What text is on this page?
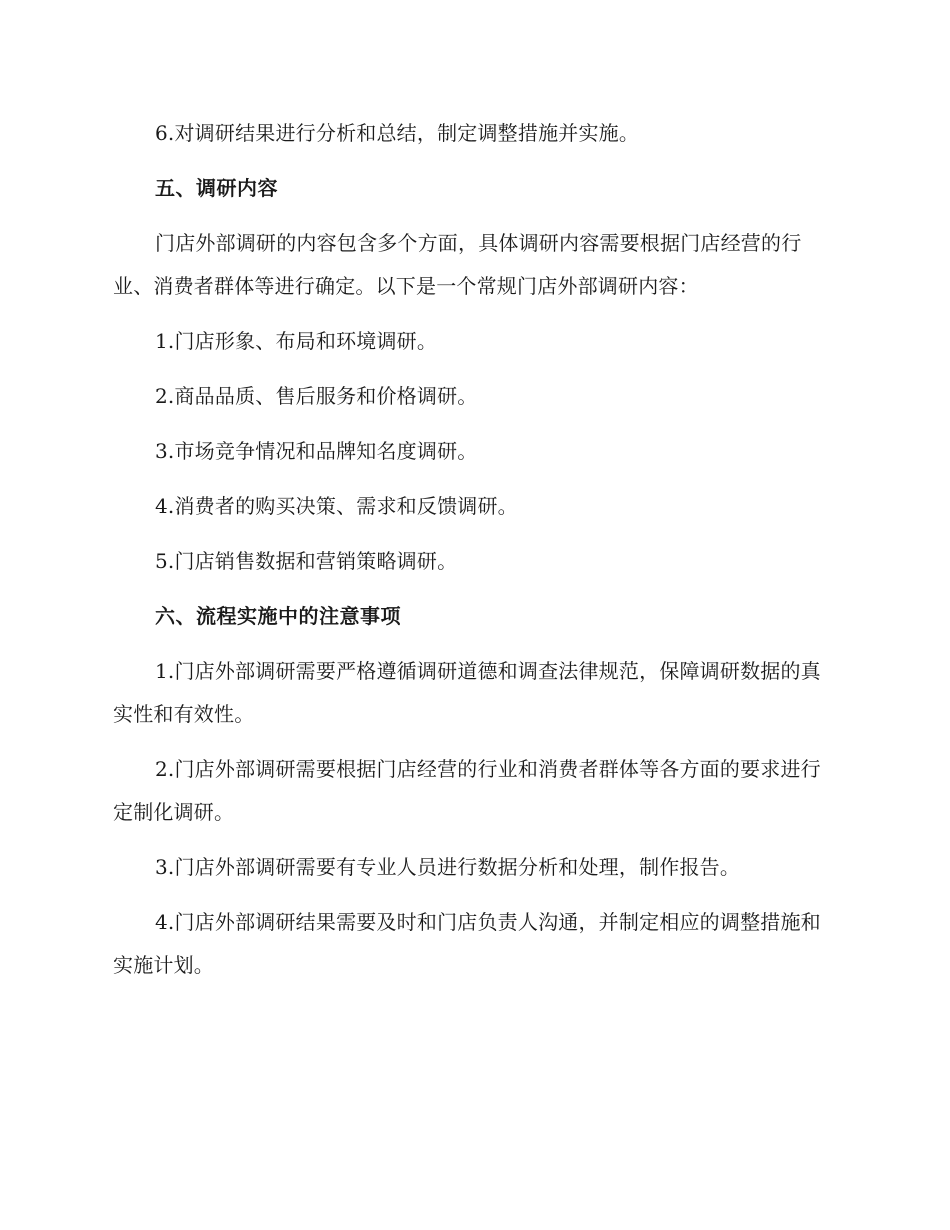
6.对调研结果进行分析和总结，制定调整措施并实施。

五、调研内容

门店外部调研的内容包含多个方面，具体调研内容需要根据门店经营的行业、消费者群体等进行确定。以下是一个常规门店外部调研内容：

1.门店形象、布局和环境调研。

2.商品品质、售后服务和价格调研。

3.市场竞争情况和品牌知名度调研。

4.消费者的购买决策、需求和反馈调研。

5.门店销售数据和营销策略调研。

六、流程实施中的注意事项

1.门店外部调研需要严格遵循调研道德和调查法律规范，保障调研数据的真实性和有效性。

2.门店外部调研需要根据门店经营的行业和消费者群体等各方面的要求进行定制化调研。

3.门店外部调研需要有专业人员进行数据分析和处理，制作报告。

4.门店外部调研结果需要及时和门店负责人沟通，并制定相应的调整措施和实施计划。
